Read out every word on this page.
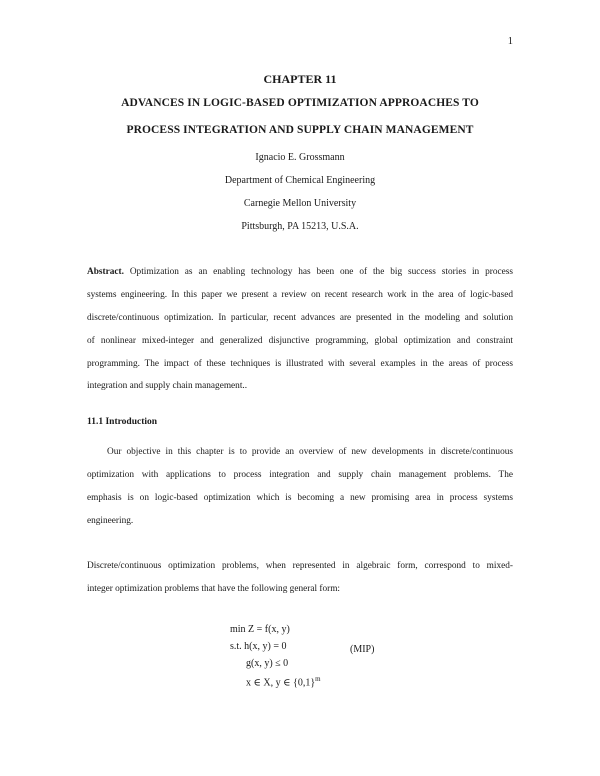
1
CHAPTER 11
ADVANCES IN LOGIC-BASED OPTIMIZATION APPROACHES TO
PROCESS INTEGRATION AND SUPPLY CHAIN MANAGEMENT
Ignacio E. Grossmann
Department of Chemical Engineering
Carnegie Mellon University
Pittsburgh, PA 15213, U.S.A.
Abstract. Optimization as an enabling technology has been one of the big success stories in process
systems engineering. In this paper we present a review on recent research work in the area of logic-based
discrete/continuous optimization. In particular, recent advances are presented in the modeling and solution
of nonlinear mixed-integer and generalized disjunctive programming, global optimization and constraint
programming. The impact of these techniques is illustrated with several examples in the areas of process
integration and supply chain management..
11.1 Introduction
Our objective in this chapter is to provide an overview of new developments in discrete/continuous
optimization with applications to process integration and supply chain management problems. The
emphasis is on logic-based optimization which is becoming a new promising area in process systems
engineering.
Discrete/continuous optimization problems, when represented in algebraic form, correspond to mixed-
integer optimization problems that have the following general form:
min Z = f(x, y)
s.t. h(x, y) = 0
g(x, y) ≤ 0
x ∈ X, y ∈ $\{0,1\}^m$
(MIP)
